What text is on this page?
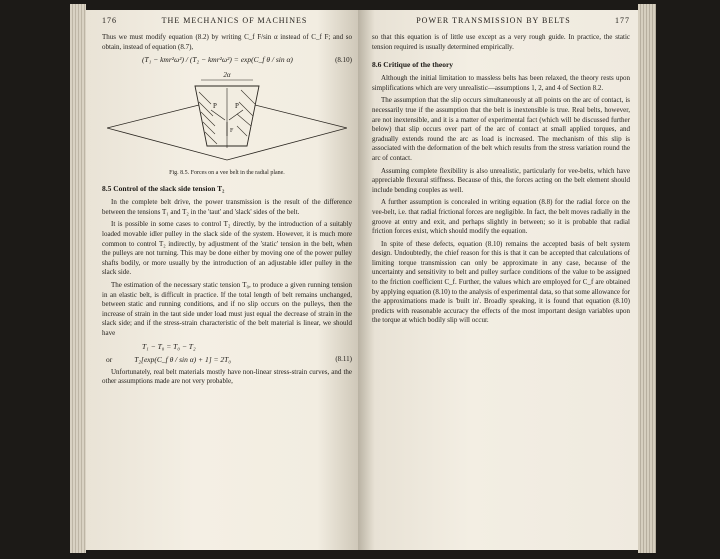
176	THE MECHANICS OF MACHINES

Thus we must modify equation (8.2) by writing C_f F/sin α instead of C_f F; and so obtain, instead of equation (8.7),

(T₁ − kmr²ω²) / (T₂ − kmr²ω²) = exp(C_f θ / sin α)	(8.10)
2α
P	P
F
Fig. 8.5. Forces on a vee belt in the radial plane.
8.5 Control of the slack side tension T₂

In the complete belt drive, the power transmission is the result of the difference between the tensions T₁ and T₂ in the 'taut' and 'slack' sides of the belt.

It is possible in some cases to control T₂ directly, by the introduction of a suitably loaded movable idler pulley in the slack side of the system. However, it is much more common to control T₂ indirectly, by adjustment of the 'static' tension in the belt, when the pulleys are not turning. This may be done either by moving one of the power pulley shafts bodily, or more usually by the introduction of an adjustable idler pulley in the slack side.

The estimation of the necessary static tension T₀, to produce a given running tension in an elastic belt, is difficult in practice. If the total length of belt remains unchanged, between static and running conditions, and if no slip occurs on the pulleys, then the increase of strain in the taut side under load must just equal the decrease of strain in the slack side; and if the stress-strain characteristic of the belt material is linear, we should have

T₁ − T₀ = T₀ − T₂
or	T₂[exp(C_f θ / sin α) + 1] = 2T₀	(8.11)

Unfortunately, real belt materials mostly have non-linear stress-strain curves, and the other assumptions made are not very probable,

POWER TRANSMISSION BY BELTS	177

so that this equation is of little use except as a very rough guide. In practice, the static tension required is usually determined empirically.

8.6 Critique of the theory

Although the initial limitation to massless belts has been relaxed, the theory rests upon simplifications which are very unrealistic—assumptions 1, 2, and 4 of Section 8.2.

The assumption that the slip occurs simultaneously at all points on the arc of contact, is necessarily true if the assumption that the belt is inextensible is true. Real belts, however, are not inextensible, and it is a matter of experimental fact (which will be discussed further below) that slip occurs over part of the arc of contact at small applied torques, and gradually extends round the arc as load is increased. The mechanism of this slip is associated with the deformation of the belt which results from the stress variation round the arc of contact.

Assuming complete flexibility is also unrealistic, particularly for vee-belts, which have appreciable flexural stiffness. Because of this, the forces acting on the belt element should include bending couples as well.

A further assumption is concealed in writing equation (8.8) for the radial force on the vee-belt, i.e. that radial frictional forces are negligible. In fact, the belt moves radially in the groove at entry and exit, and perhaps slightly in between; so it is probable that radial friction forces exist, which should modify the equation.

In spite of these defects, equation (8.10) remains the accepted basis of belt system design. Undoubtedly, the chief reason for this is that it can be accepted that calculations of limiting torque transmission can only be approximate in any case, because of the uncertainty and sensitivity to belt and pulley surface conditions of the value to be assigned to the friction coefficient C_f. Further, the values which are employed for C_f are obtained by applying equation (8.10) to the analysis of experimental data, so that some allowance for the approximations made is 'built in'. Broadly speaking, it is found that equation (8.10) predicts with reasonable accuracy the effects of the most important design variables upon the torque at which bodily slip will occur.
